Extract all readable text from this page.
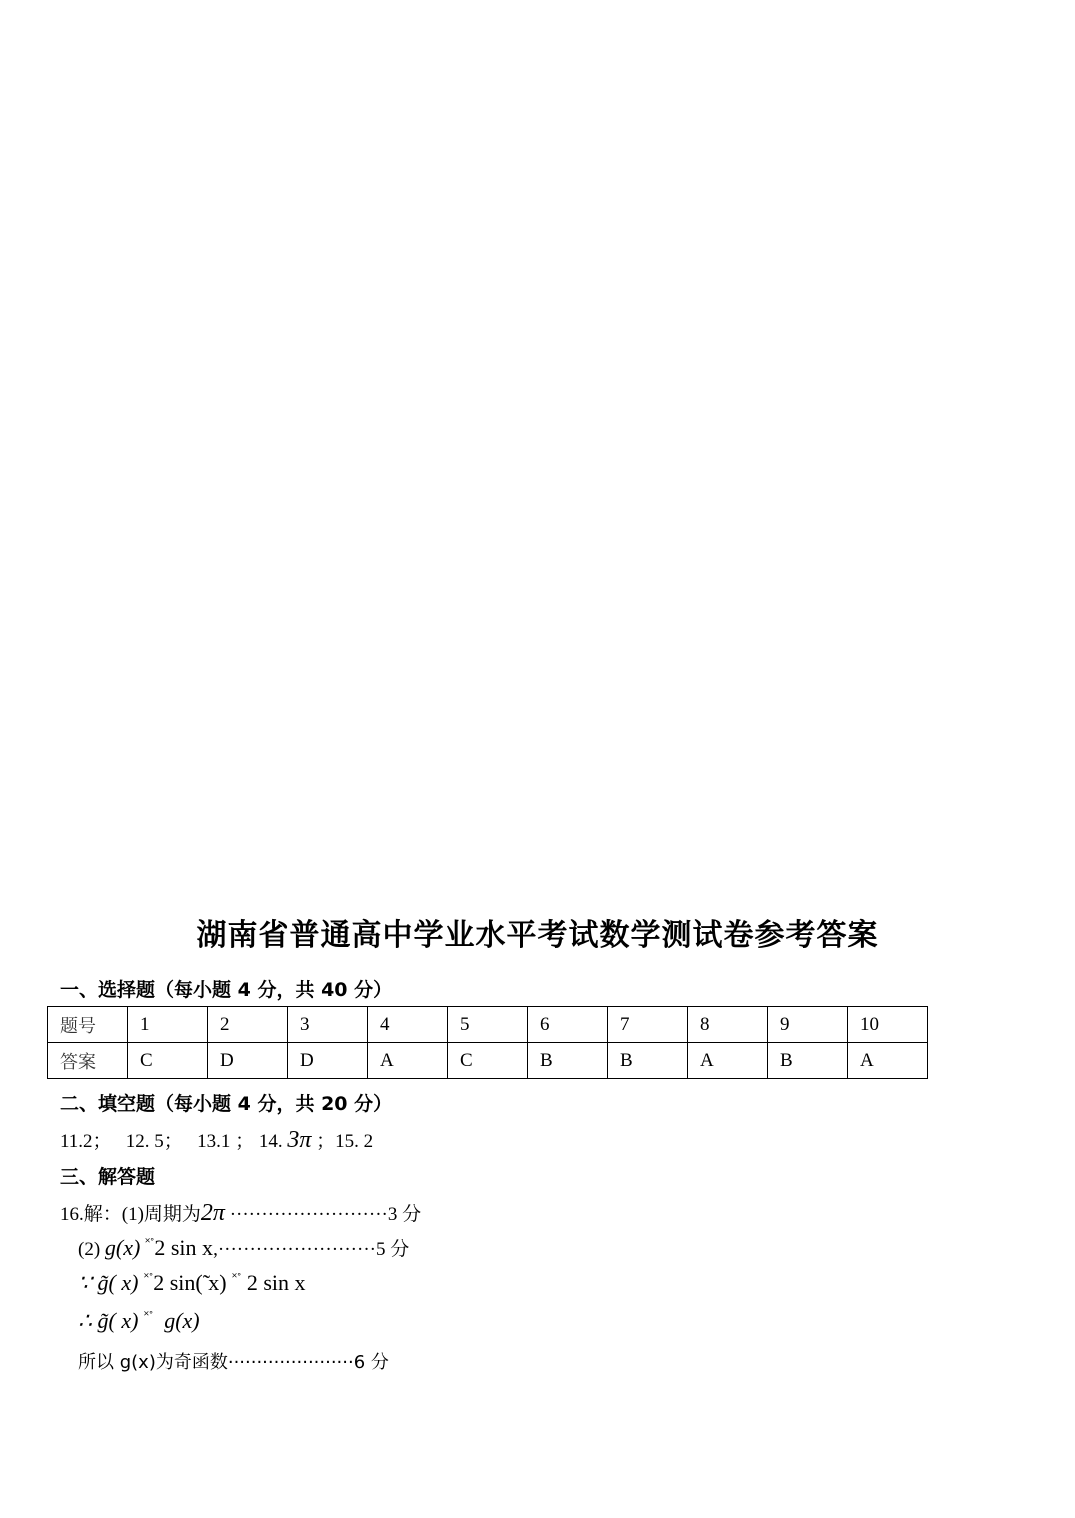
湖南省普通高中学业水平考试数学测试卷参考答案
一、选择题（每小题 4 分，共 40 分）
题号	1	2	3	4	5	6	7	8	9	10
答案	C	D	D	A	C	B	B	A	B	A
二、填空题（每小题 4 分，共 20 分）
11.2； 12. 5； 13.1 ； 14. 3π ；15. 2
三、解答题
16.解：(1)周期为2π ·························3 分
(2) g(x) ˟˚2 sin x,·························5 分
∵ g̃( x) ˟˚2 sin(̃ x) ˟˚ 2 sin x
∴ g̃( x) ˟˚ g(x)
所以 g(x)为奇函数······················6 分
